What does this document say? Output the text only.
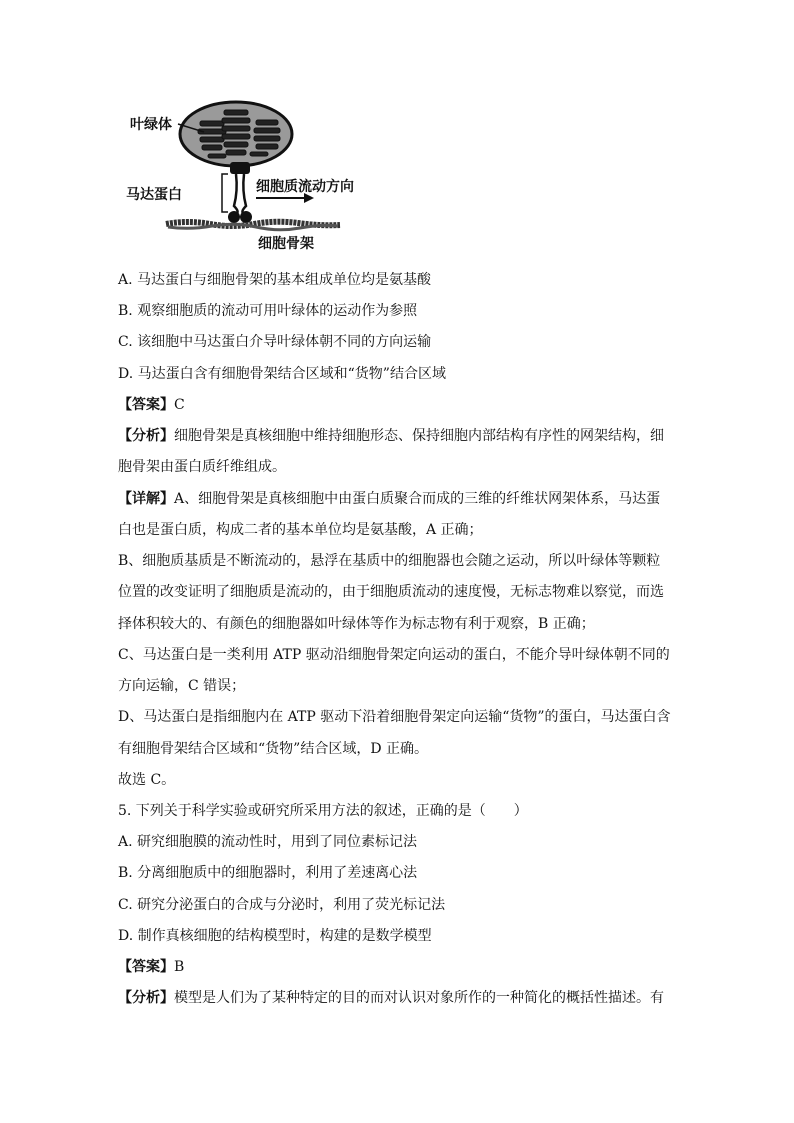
叶绿体
马达蛋白	细胞质流动方向
细胞骨架
A. 马达蛋白与细胞骨架的基本组成单位均是氨基酸
B. 观察细胞质的流动可用叶绿体的运动作为参照
C. 该细胞中马达蛋白介导叶绿体朝不同的方向运输
D. 马达蛋白含有细胞骨架结合区域和“货物”结合区域
【答案】C
【分析】细胞骨架是真核细胞中维持细胞形态、保持细胞内部结构有序性的网架结构，细
胞骨架由蛋白质纤维组成。
【详解】A、细胞骨架是真核细胞中由蛋白质聚合而成的三维的纤维状网架体系，马达蛋
白也是蛋白质，构成二者的基本单位均是氨基酸，A 正确；
B、细胞质基质是不断流动的，悬浮在基质中的细胞器也会随之运动，所以叶绿体等颗粒
位置的改变证明了细胞质是流动的，由于细胞质流动的速度慢，无标志物难以察觉，而选
择体积较大的、有颜色的细胞器如叶绿体等作为标志物有利于观察，B 正确；
C、马达蛋白是一类利用 ATP 驱动沿细胞骨架定向运动的蛋白，不能介导叶绿体朝不同的
方向运输，C 错误；
D、马达蛋白是指细胞内在 ATP 驱动下沿着细胞骨架定向运输“货物”的蛋白，马达蛋白含
有细胞骨架结合区域和“货物”结合区域，D 正确。
故选 C。
5. 下列关于科学实验或研究所采用方法的叙述，正确的是（　　）
A. 研究细胞膜的流动性时，用到了同位素标记法
B. 分离细胞质中的细胞器时，利用了差速离心法
C. 研究分泌蛋白的合成与分泌时，利用了荧光标记法
D. 制作真核细胞的结构模型时，构建的是数学模型
【答案】B
【分析】模型是人们为了某种特定的目的而对认识对象所作的一种简化的概括性描述。有
